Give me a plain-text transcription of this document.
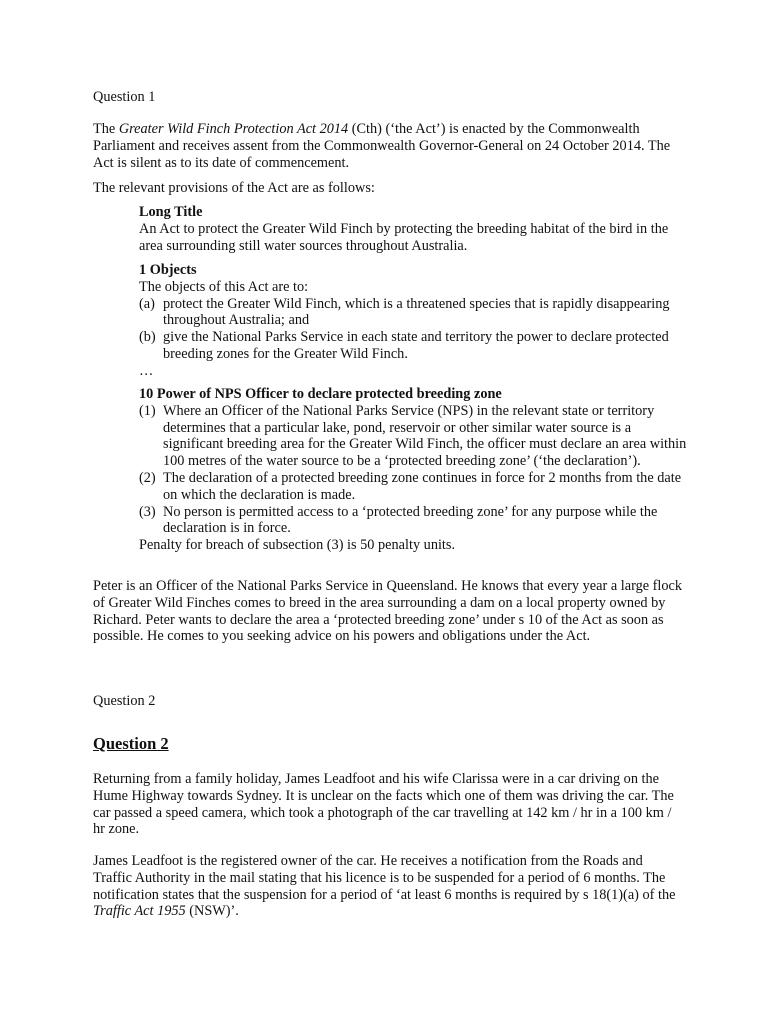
Question 1

The Greater Wild Finch Protection Act 2014 (Cth) (‘the Act’) is enacted by the Commonwealth Parliament and receives assent from the Commonwealth Governor-General on 24 October 2014. The Act is silent as to its date of commencement.

The relevant provisions of the Act are as follows:

Long Title

An Act to protect the Greater Wild Finch by protecting the breeding habitat of the bird in the area surrounding still water sources throughout Australia.

1 Objects

The objects of this Act are to:

(a) protect the Greater Wild Finch, which is a threatened species that is rapidly disappearing throughout Australia; and
(b) give the National Parks Service in each state and territory the power to declare protected breeding zones for the Greater Wild Finch.

…

10 Power of NPS Officer to declare protected breeding zone

(1) Where an Officer of the National Parks Service (NPS) in the relevant state or territory determines that a particular lake, pond, reservoir or other similar water source is a significant breeding area for the Greater Wild Finch, the officer must declare an area within 100 metres of the water source to be a ‘protected breeding zone’ (‘the declaration’).
(2) The declaration of a protected breeding zone continues in force for 2 months from the date on which the declaration is made.
(3) No person is permitted access to a ‘protected breeding zone’ for any purpose while the declaration is in force.

Penalty for breach of subsection (3) is 50 penalty units.

Peter is an Officer of the National Parks Service in Queensland. He knows that every year a large flock of Greater Wild Finches comes to breed in the area surrounding a dam on a local property owned by Richard. Peter wants to declare the area a ‘protected breeding zone’ under s 10 of the Act as soon as possible. He comes to you seeking advice on his powers and obligations under the Act.

Question 2

Question 2

Returning from a family holiday, James Leadfoot and his wife Clarissa were in a car driving on the Hume Highway towards Sydney. It is unclear on the facts which one of them was driving the car. The car passed a speed camera, which took a photograph of the car travelling at 142 km / hr in a 100 km / hr zone.

James Leadfoot is the registered owner of the car. He receives a notification from the Roads and Traffic Authority in the mail stating that his licence is to be suspended for a period of 6 months. The notification states that the suspension for a period of ‘at least 6 months is required by s 18(1)(a) of the Traffic Act 1955 (NSW)’.
